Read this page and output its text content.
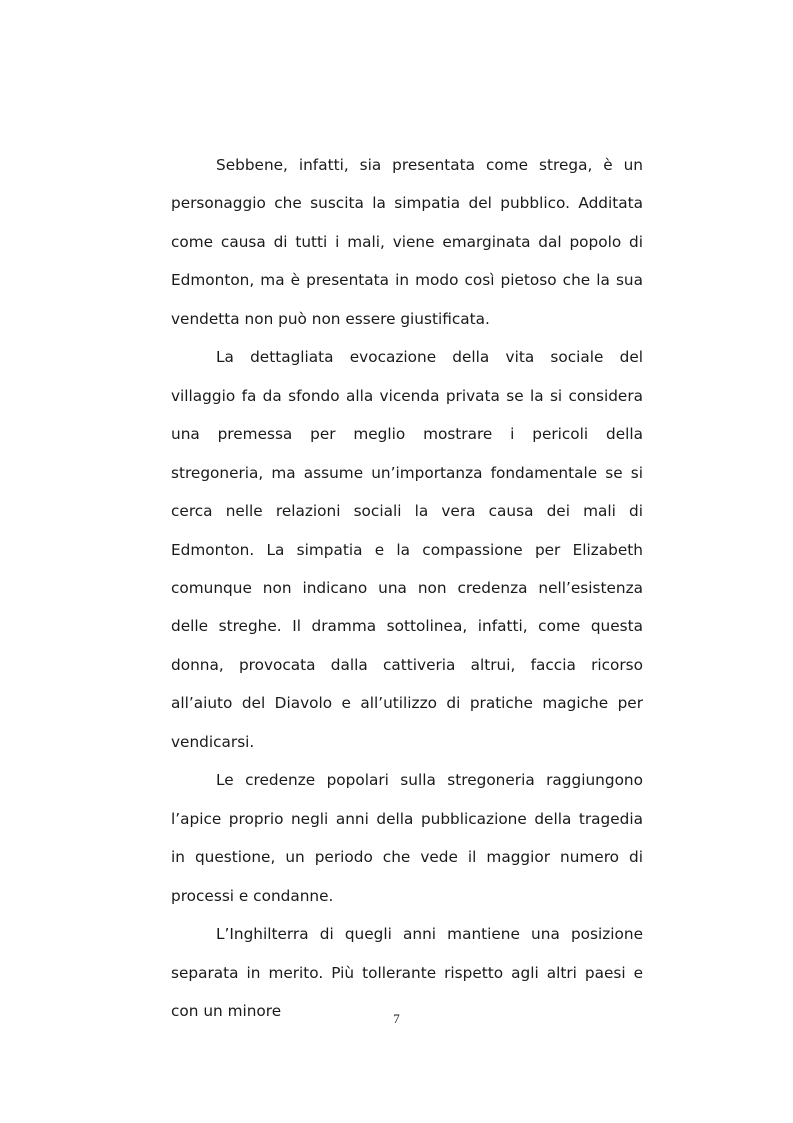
Sebbene, infatti, sia presentata come strega, è un personaggio che suscita la simpatia del pubblico. Additata come causa di tutti i mali, viene emarginata dal popolo di Edmonton, ma è presentata in modo così pietoso che la sua vendetta non può non essere giustificata.

La dettagliata evocazione della vita sociale del villaggio fa da sfondo alla vicenda privata se la si considera una premessa per meglio mostrare i pericoli della stregoneria, ma assume un’importanza fondamentale se si cerca nelle relazioni sociali la vera causa dei mali di Edmonton. La simpatia e la compassione per Elizabeth comunque non indicano una non credenza nell’esistenza delle streghe. Il dramma sottolinea, infatti, come questa donna, provocata dalla cattiveria altrui, faccia ricorso all’aiuto del Diavolo e all’utilizzo di pratiche magiche per vendicarsi.

Le credenze popolari sulla stregoneria raggiungono l’apice proprio negli anni della pubblicazione della tragedia in questione, un periodo che vede il maggior numero di processi e condanne.

L’Inghilterra di quegli anni mantiene una posizione separata in merito. Più tollerante rispetto agli altri paesi e con un minore	7
